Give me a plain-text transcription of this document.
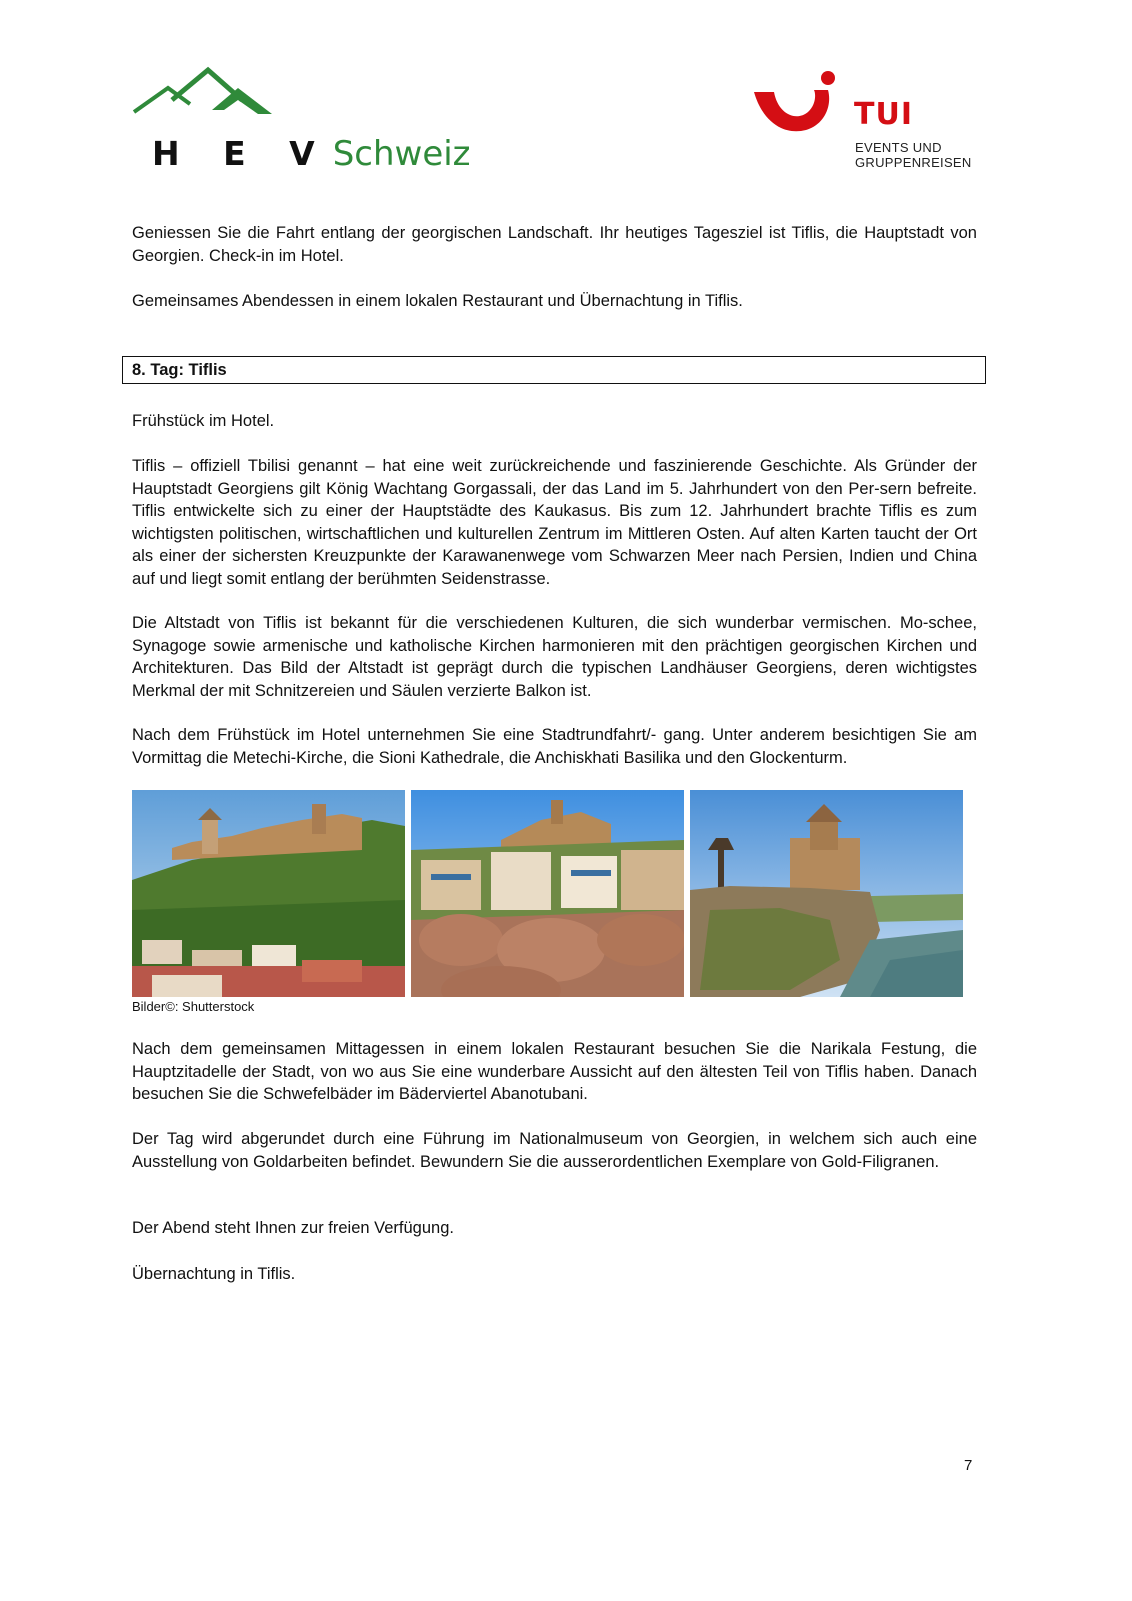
H E VSchweiz
TUI
EVENTS UND
GRUPPENREISEN

Geniessen Sie die Fahrt entlang der georgischen Landschaft. Ihr heutiges Tagesziel ist Tiflis, die Hauptstadt von Georgien. Check-in im Hotel.

Gemeinsames Abendessen in einem lokalen Restaurant und Übernachtung in Tiflis.

8. Tag: Tiflis

Frühstück im Hotel.

Tiflis – offiziell Tbilisi genannt – hat eine weit zurückreichende und faszinierende Geschichte. Als Gründer der Hauptstadt Georgiens gilt König Wachtang Gorgassali, der das Land im 5. Jahrhundert von den Per-sern befreite. Tiflis entwickelte sich zu einer der Hauptstädte des Kaukasus. Bis zum 12. Jahrhundert brachte Tiflis es zum wichtigsten politischen, wirtschaftlichen und kulturellen Zentrum im Mittleren Osten. Auf alten Karten taucht der Ort als einer der sichersten Kreuzpunkte der Karawanenwege vom Schwarzen Meer nach Persien, Indien und China auf und liegt somit entlang der berühmten Seidenstrasse.

Die Altstadt von Tiflis ist bekannt für die verschiedenen Kulturen, die sich wunderbar vermischen. Mo-schee, Synagoge sowie armenische und katholische Kirchen harmonieren mit den prächtigen georgischen Kirchen und Architekturen. Das Bild der Altstadt ist geprägt durch die typischen Landhäuser Georgiens, deren wichtigstes Merkmal der mit Schnitzereien und Säulen verzierte Balkon ist.

Nach dem Frühstück im Hotel unternehmen Sie eine Stadtrundfahrt/- gang. Unter anderem besichtigen Sie am Vormittag die Metechi-Kirche, die Sioni Kathedrale, die Anchiskhati Basilika und den Glockenturm.

Bilder©: Shutterstock

Nach dem gemeinsamen Mittagessen in einem lokalen Restaurant besuchen Sie die Narikala Festung, die Hauptzitadelle der Stadt, von wo aus Sie eine wunderbare Aussicht auf den ältesten Teil von Tiflis haben. Danach besuchen Sie die Schwefelbäder im Bäderviertel Abanotubani.

Der Tag wird abgerundet durch eine Führung im Nationalmuseum von Georgien, in welchem sich auch eine Ausstellung von Goldarbeiten befindet. Bewundern Sie die ausserordentlichen Exemplare von Gold-Filigranen.

Der Abend steht Ihnen zur freien Verfügung.

Übernachtung in Tiflis.

7
